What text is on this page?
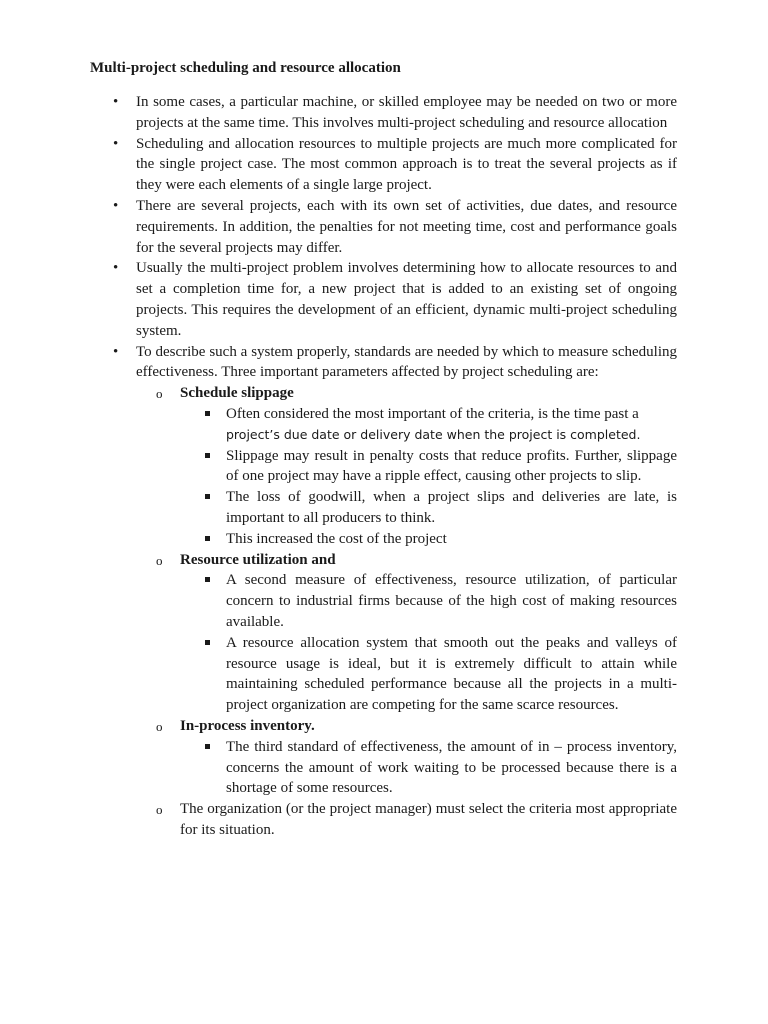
Multi-project scheduling and resource allocation
• In some cases, a particular machine, or skilled employee may be needed on two or more projects at the same time. This involves multi-project scheduling and resource allocation
• Scheduling and allocation resources to multiple projects are much more complicated for the single project case. The most common approach is to treat the several projects as if they were each elements of a single large project.
• There are several projects, each with its own set of activities, due dates, and resource requirements. In addition, the penalties for not meeting time, cost and performance goals for the several projects may differ.
• Usually the multi-project problem involves determining how to allocate resources to and set a completion time for, a new project that is added to an existing set of ongoing projects. This requires the development of an efficient, dynamic multi-project scheduling system.
• To describe such a system properly, standards are needed by which to measure scheduling effectiveness. Three important parameters affected by project scheduling are:
o Schedule slippage
Often considered the most important of the criteria, is the time past a
project’s due date or delivery date when the project is completed.
Slippage may result in penalty costs that reduce profits. Further, slippage of one project may have a ripple effect, causing other projects to slip.
The loss of goodwill, when a project slips and deliveries are late, is important to all producers to think.
This increased the cost of the project
o Resource utilization and
A second measure of effectiveness, resource utilization, of particular concern to industrial firms because of the high cost of making resources available.
A resource allocation system that smooth out the peaks and valleys of resource usage is ideal, but it is extremely difficult to attain while maintaining scheduled performance because all the projects in a multi-project organization are competing for the same scarce resources.
o In-process inventory.
The third standard of effectiveness, the amount of in – process inventory, concerns the amount of work waiting to be processed because there is a shortage of some resources.
o The organization (or the project manager) must select the criteria most appropriate for its situation.
